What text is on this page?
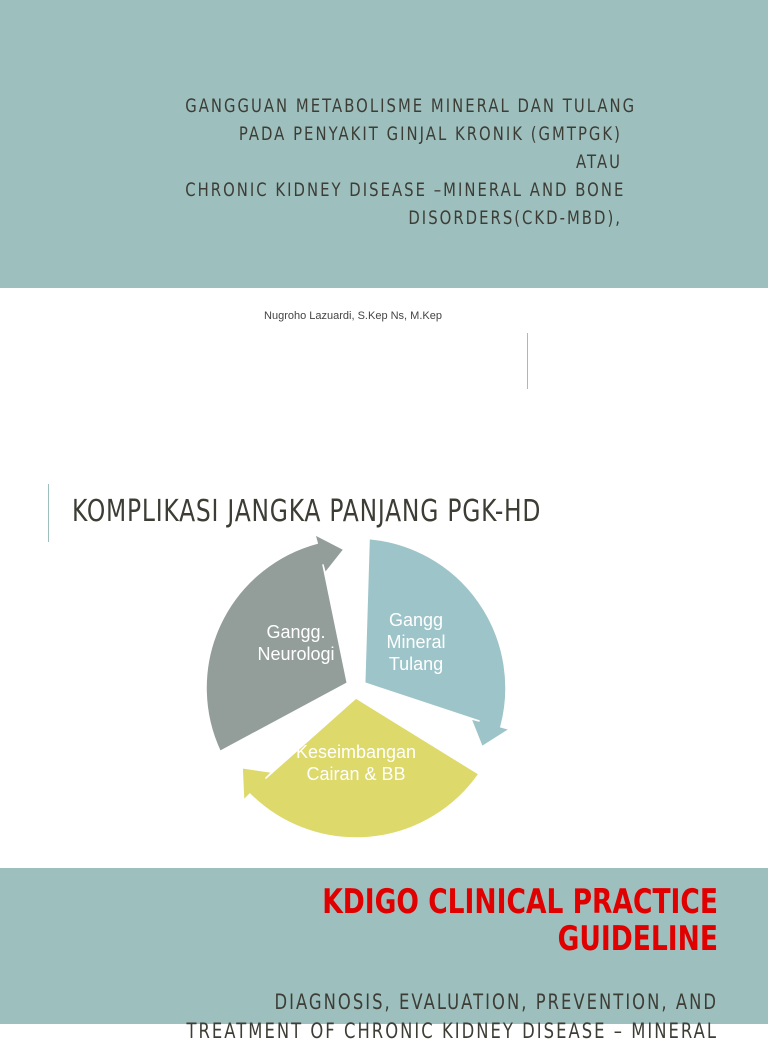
GANGGUAN METABOLISME MINERAL DAN TULANG
PADA PENYAKIT GINJAL KRONIK (GMTPGK)
ATAU
CHRONIC KIDNEY DISEASE –MINERAL AND BONE
DISORDERS(CKD-MBD),
Nugroho Lazuardi, S.Kep Ns, M.Kep
KOMPLIKASI JANGKA PANJANG PGK-HD
Gangg. Neurologi
Gangg Mineral Tulang
Keseimbangan Cairan & BB
KDIGO CLINICAL PRACTICE
GUIDELINE
DIAGNOSIS, EVALUATION, PREVENTION, AND
TREATMENT OF CHRONIC KIDNEY DISEASE – MINERAL
